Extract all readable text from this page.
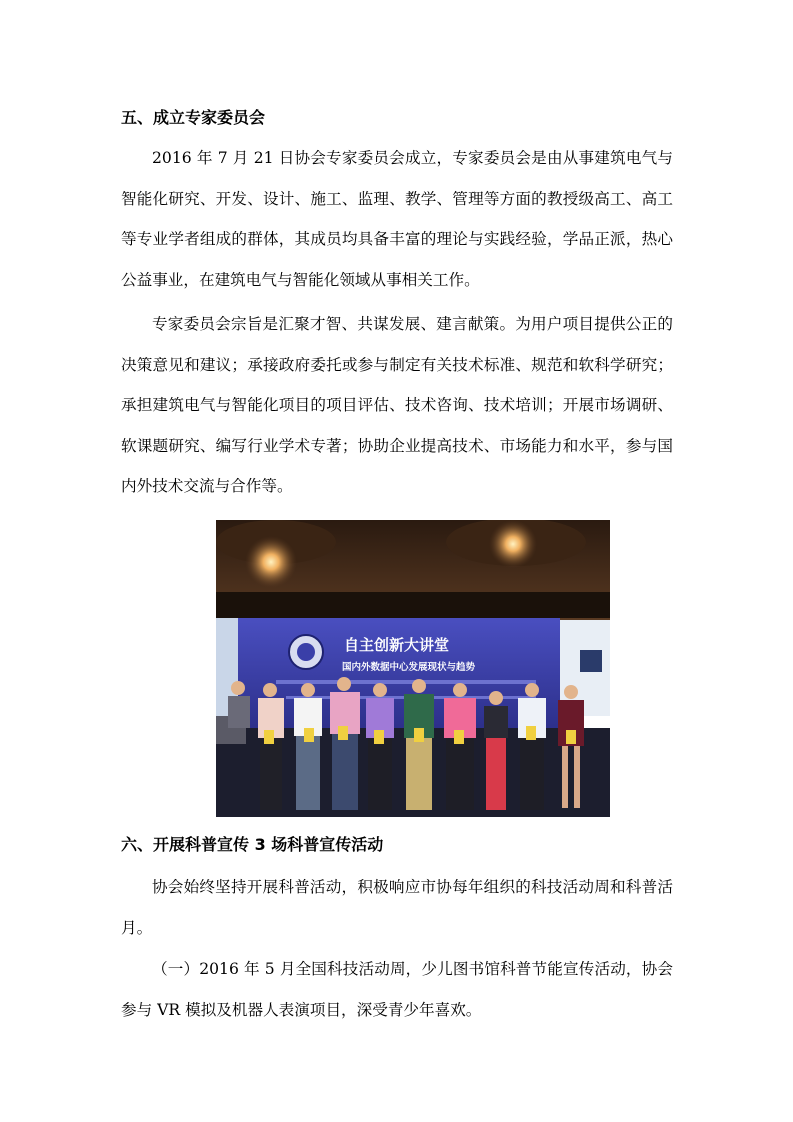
五、成立专家委员会

2016 年 7 月 21 日协会专家委员会成立，专家委员会是由从事建筑电气与智能化研究、开发、设计、施工、监理、教学、管理等方面的教授级高工、高工等专业学者组成的群体，其成员均具备丰富的理论与实践经验，学品正派，热心公益事业，在建筑电气与智能化领域从事相关工作。

专家委员会宗旨是汇聚才智、共谋发展、建言献策。为用户项目提供公正的决策意见和建议；承接政府委托或参与制定有关技术标准、规范和软科学研究；承担建筑电气与智能化项目的项目评估、技术咨询、技术培训；开展市场调研、软课题研究、编写行业学术专著；协助企业提高技术、市场能力和水平，参与国内外技术交流与合作等。

自主创新大讲堂
国内外数据中心发展现状与趋势
六、开展科普宣传 3 场科普宣传活动

协会始终坚持开展科普活动，积极响应市协每年组织的科技活动周和科普活月。

（一）2016 年 5 月全国科技活动周，少儿图书馆科普节能宣传活动，协会参与 VR 模拟及机器人表演项目，深受青少年喜欢。
